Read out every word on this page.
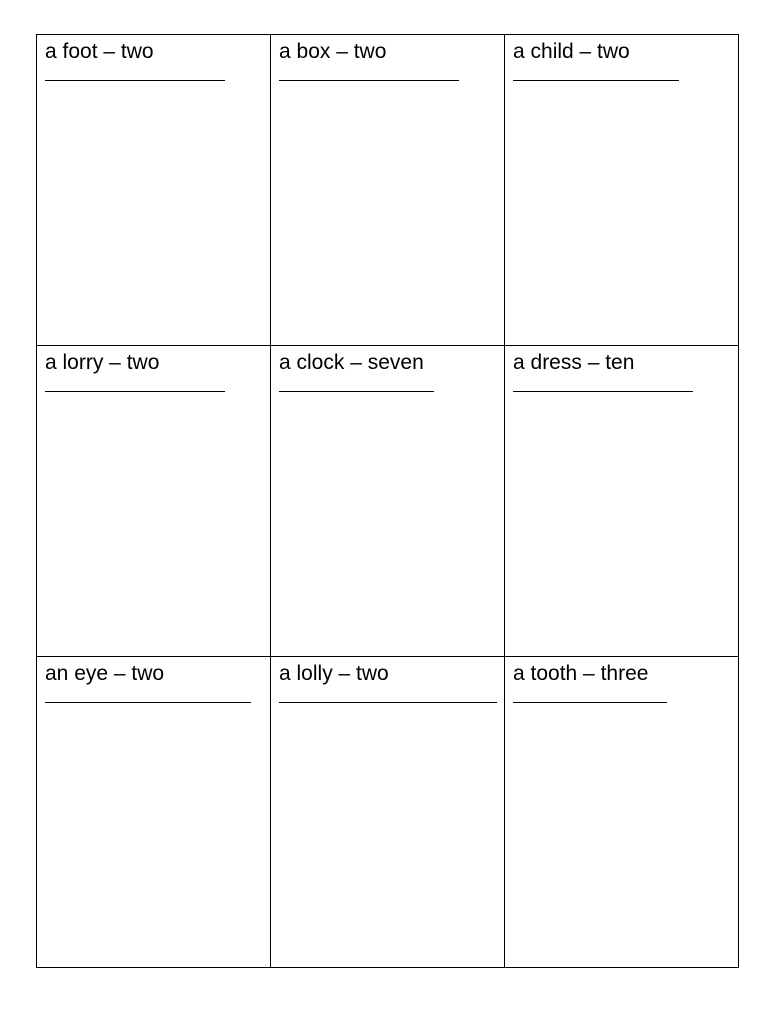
a foot – two	a box – two	a child – two

a lorry – two	a clock – seven	a dress – ten

an eye – two	a lolly – two	a tooth – three
